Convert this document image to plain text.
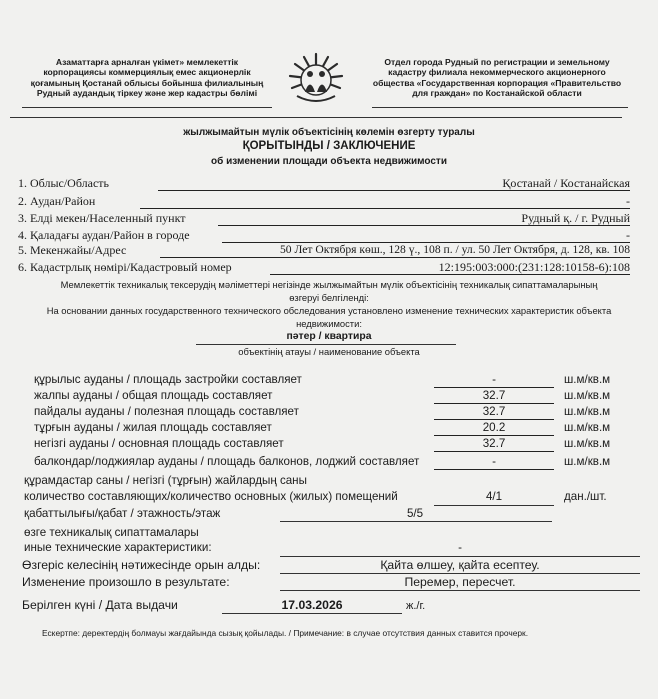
Азаматтарға арналған үкімет» мемлекеттік
корпорациясы коммерциялық емес акционерлік
қоғамының Қостанай облысы бойынша филиалының
Рудный аудандық тіркеу және жер кадастры бөлімі
Отдел города Рудный по регистрации и земельному
кадастру филиала некоммерческого акционерного
общества «Государственная корпорация «Правительство
для граждан» по Костанайской области
жылжымайтын мүлік объектісінің көлемін өзгерту туралы
ҚОРЫТЫНДЫ / ЗАКЛЮЧЕНИЕ
об изменении площади объекта недвижимости
1. Облыс/Область	Қостанай / Костанайская
2. Аудан/Район	-
3. Елді мекен/Населенный пункт	Рудный қ. / г. Рудный
4. Қаладағы аудан/Район в городе	-
5. Мекенжайы/Адрес	50 Лет Октября көш., 128 ү., 108 п. / ул. 50 Лет Октября, д. 128, кв. 108
6. Кадастрлық нөмірі/Кадастровый номер	12:195:003:000:(231:128:10158-6):108
Мемлекеттік техникалық тексерудің мәліметтері негізінде жылжымайтын мүлік объектісінің техникалық сипаттамаларының
өзгеруі белгіленді:
На основании данных государственного технического обследования установлено изменение технических характеристик объекта
недвижимости:
пәтер / квартира
объектінің атауы / наименование объекта
құрылыс ауданы / площадь застройки составляет	-	ш.м/кв.м
жалпы ауданы / общая площадь составляет	32.7	ш.м/кв.м
пайдалы ауданы / полезная площадь составляет	32.7	ш.м/кв.м
тұрғын ауданы / жилая площадь составляет	20.2	ш.м/кв.м
негізгі ауданы / основная площадь составляет	32.7	ш.м/кв.м
балкондар/лоджиялар ауданы / площадь балконов, лоджий составляет	-	ш.м/кв.м
құрамдастар саны / негізгі (тұрғын) жайлардың саны
количество составляющих/количество основных (жилых) помещений	4/1	дан./шт.
қабаттылығы/қабат / этажность/этаж	5/5
өзге техникалық сипаттамалары
иные технические характеристики:	-
Өзгеріс келесінің нәтижесінде орын алды:	Қайта өлшеу, қайта есептеу.
Изменение произошло в результате:	Перемер, пересчет.
Берілген күні / Дата выдачи	17.03.2026	ж./г.
Ескертпе: деректердің болмауы жағдайында сызық қойылады. / Примечание: в случае отсутствия данных ставится прочерк.
